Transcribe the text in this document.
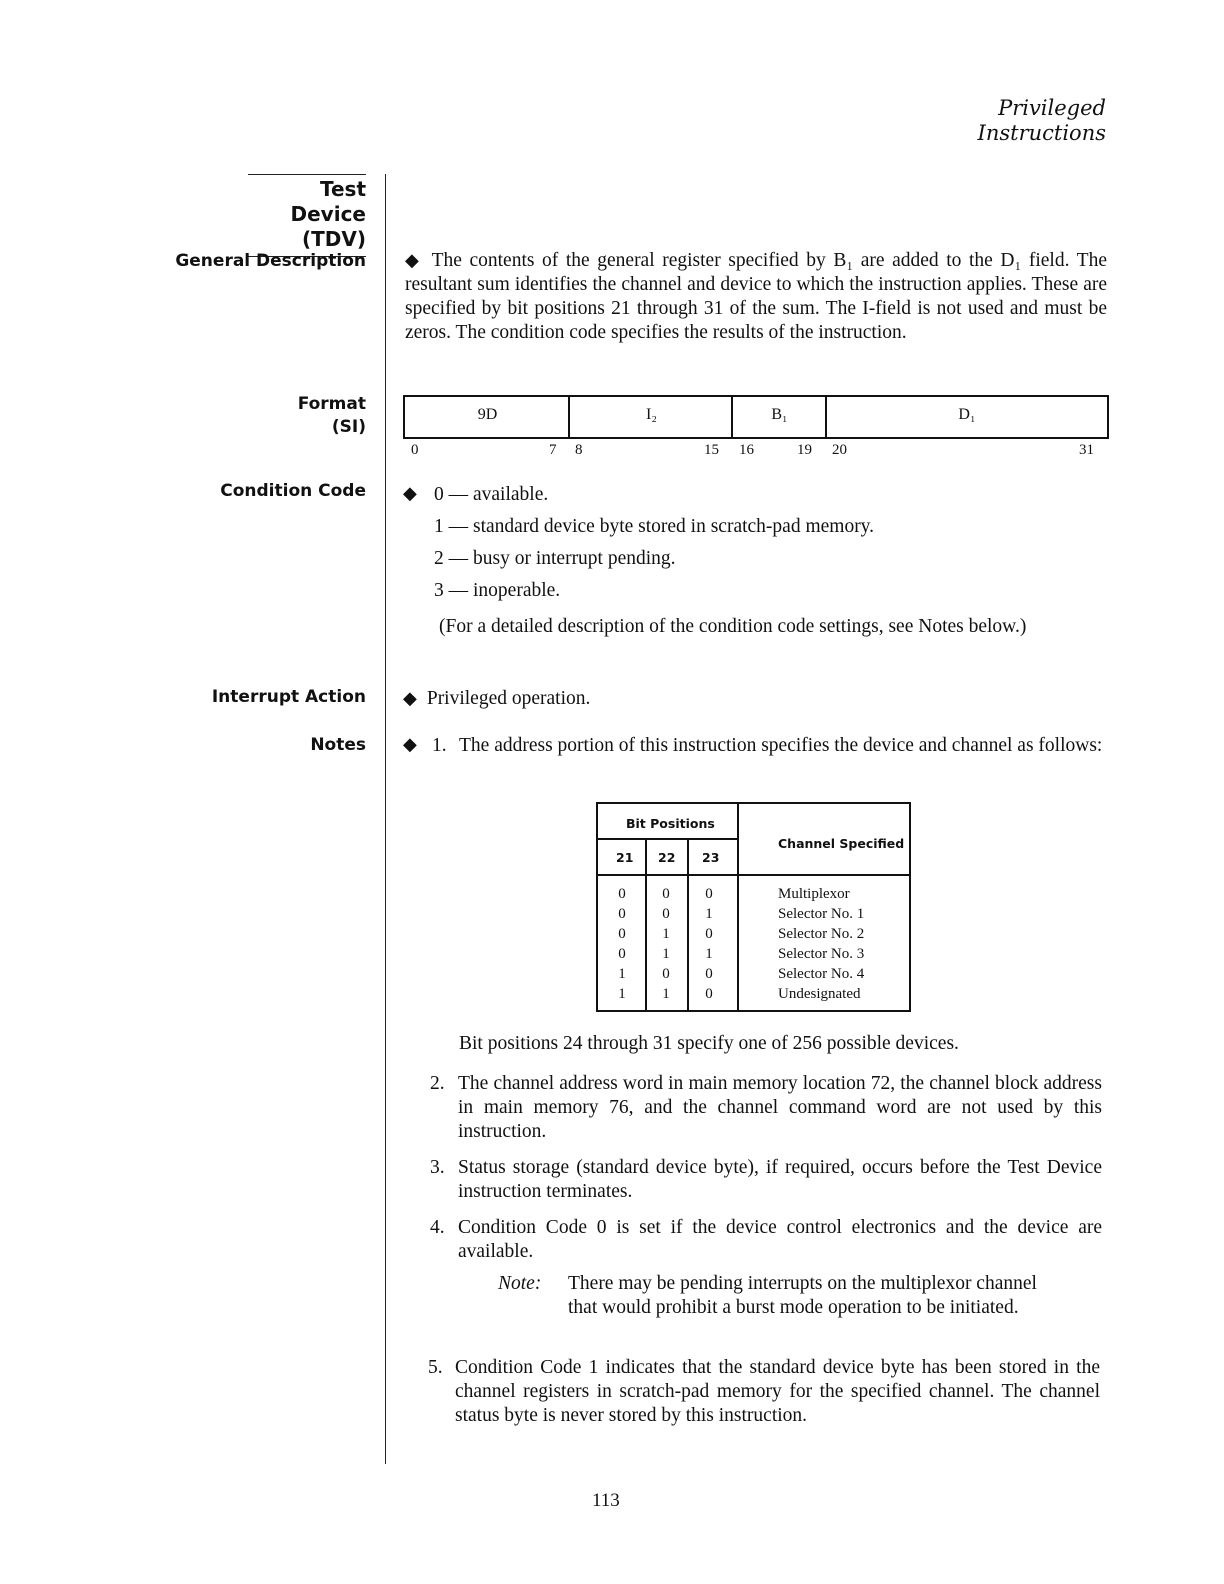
Privileged
Instructions
Test Device
(TDV)
General Description
Format
(SI)
Condition Code
Interrupt Action
Notes
◆ The contents of the general register specified by B₁ are added to the D₁ field. The resultant sum identifies the channel and device to which the instruction applies. These are specified by bit positions 21 through 31 of the sum. The I-field is not used and must be zeros. The condition code specifies the results of the instruction.
9D	I₂	B₁	D₁
0	7 8	15 16	19 20	31
◆ 0 — available.
1 — standard device byte stored in scratch-pad memory.
2 — busy or interrupt pending.
3 — inoperable.
(For a detailed description of the condition code settings, see Notes below.)
◆ Privileged operation.
◆ 1. The address portion of this instruction specifies the device and channel as follows:
Bit Positions
Channel Specified
21 22 23
0	0	0	Multiplexor
0	0	1	Selector No. 1
0	1	0	Selector No. 2
0	1	1	Selector No. 3
1	0	0	Selector No. 4
1	1	0	Undesignated
Bit positions 24 through 31 specify one of 256 possible devices.
2. The channel address word in main memory location 72, the channel block address in main memory 76, and the channel command word are not used by this instruction.
3. Status storage (standard device byte), if required, occurs before the Test Device instruction terminates.
4. Condition Code 0 is set if the device control electronics and the device are available.
Note: There may be pending interrupts on the multiplexor channel that would prohibit a burst mode operation to be initiated.
5. Condition Code 1 indicates that the standard device byte has been stored in the channel registers in scratch-pad memory for the specified channel. The channel status byte is never stored by this instruction.
113
